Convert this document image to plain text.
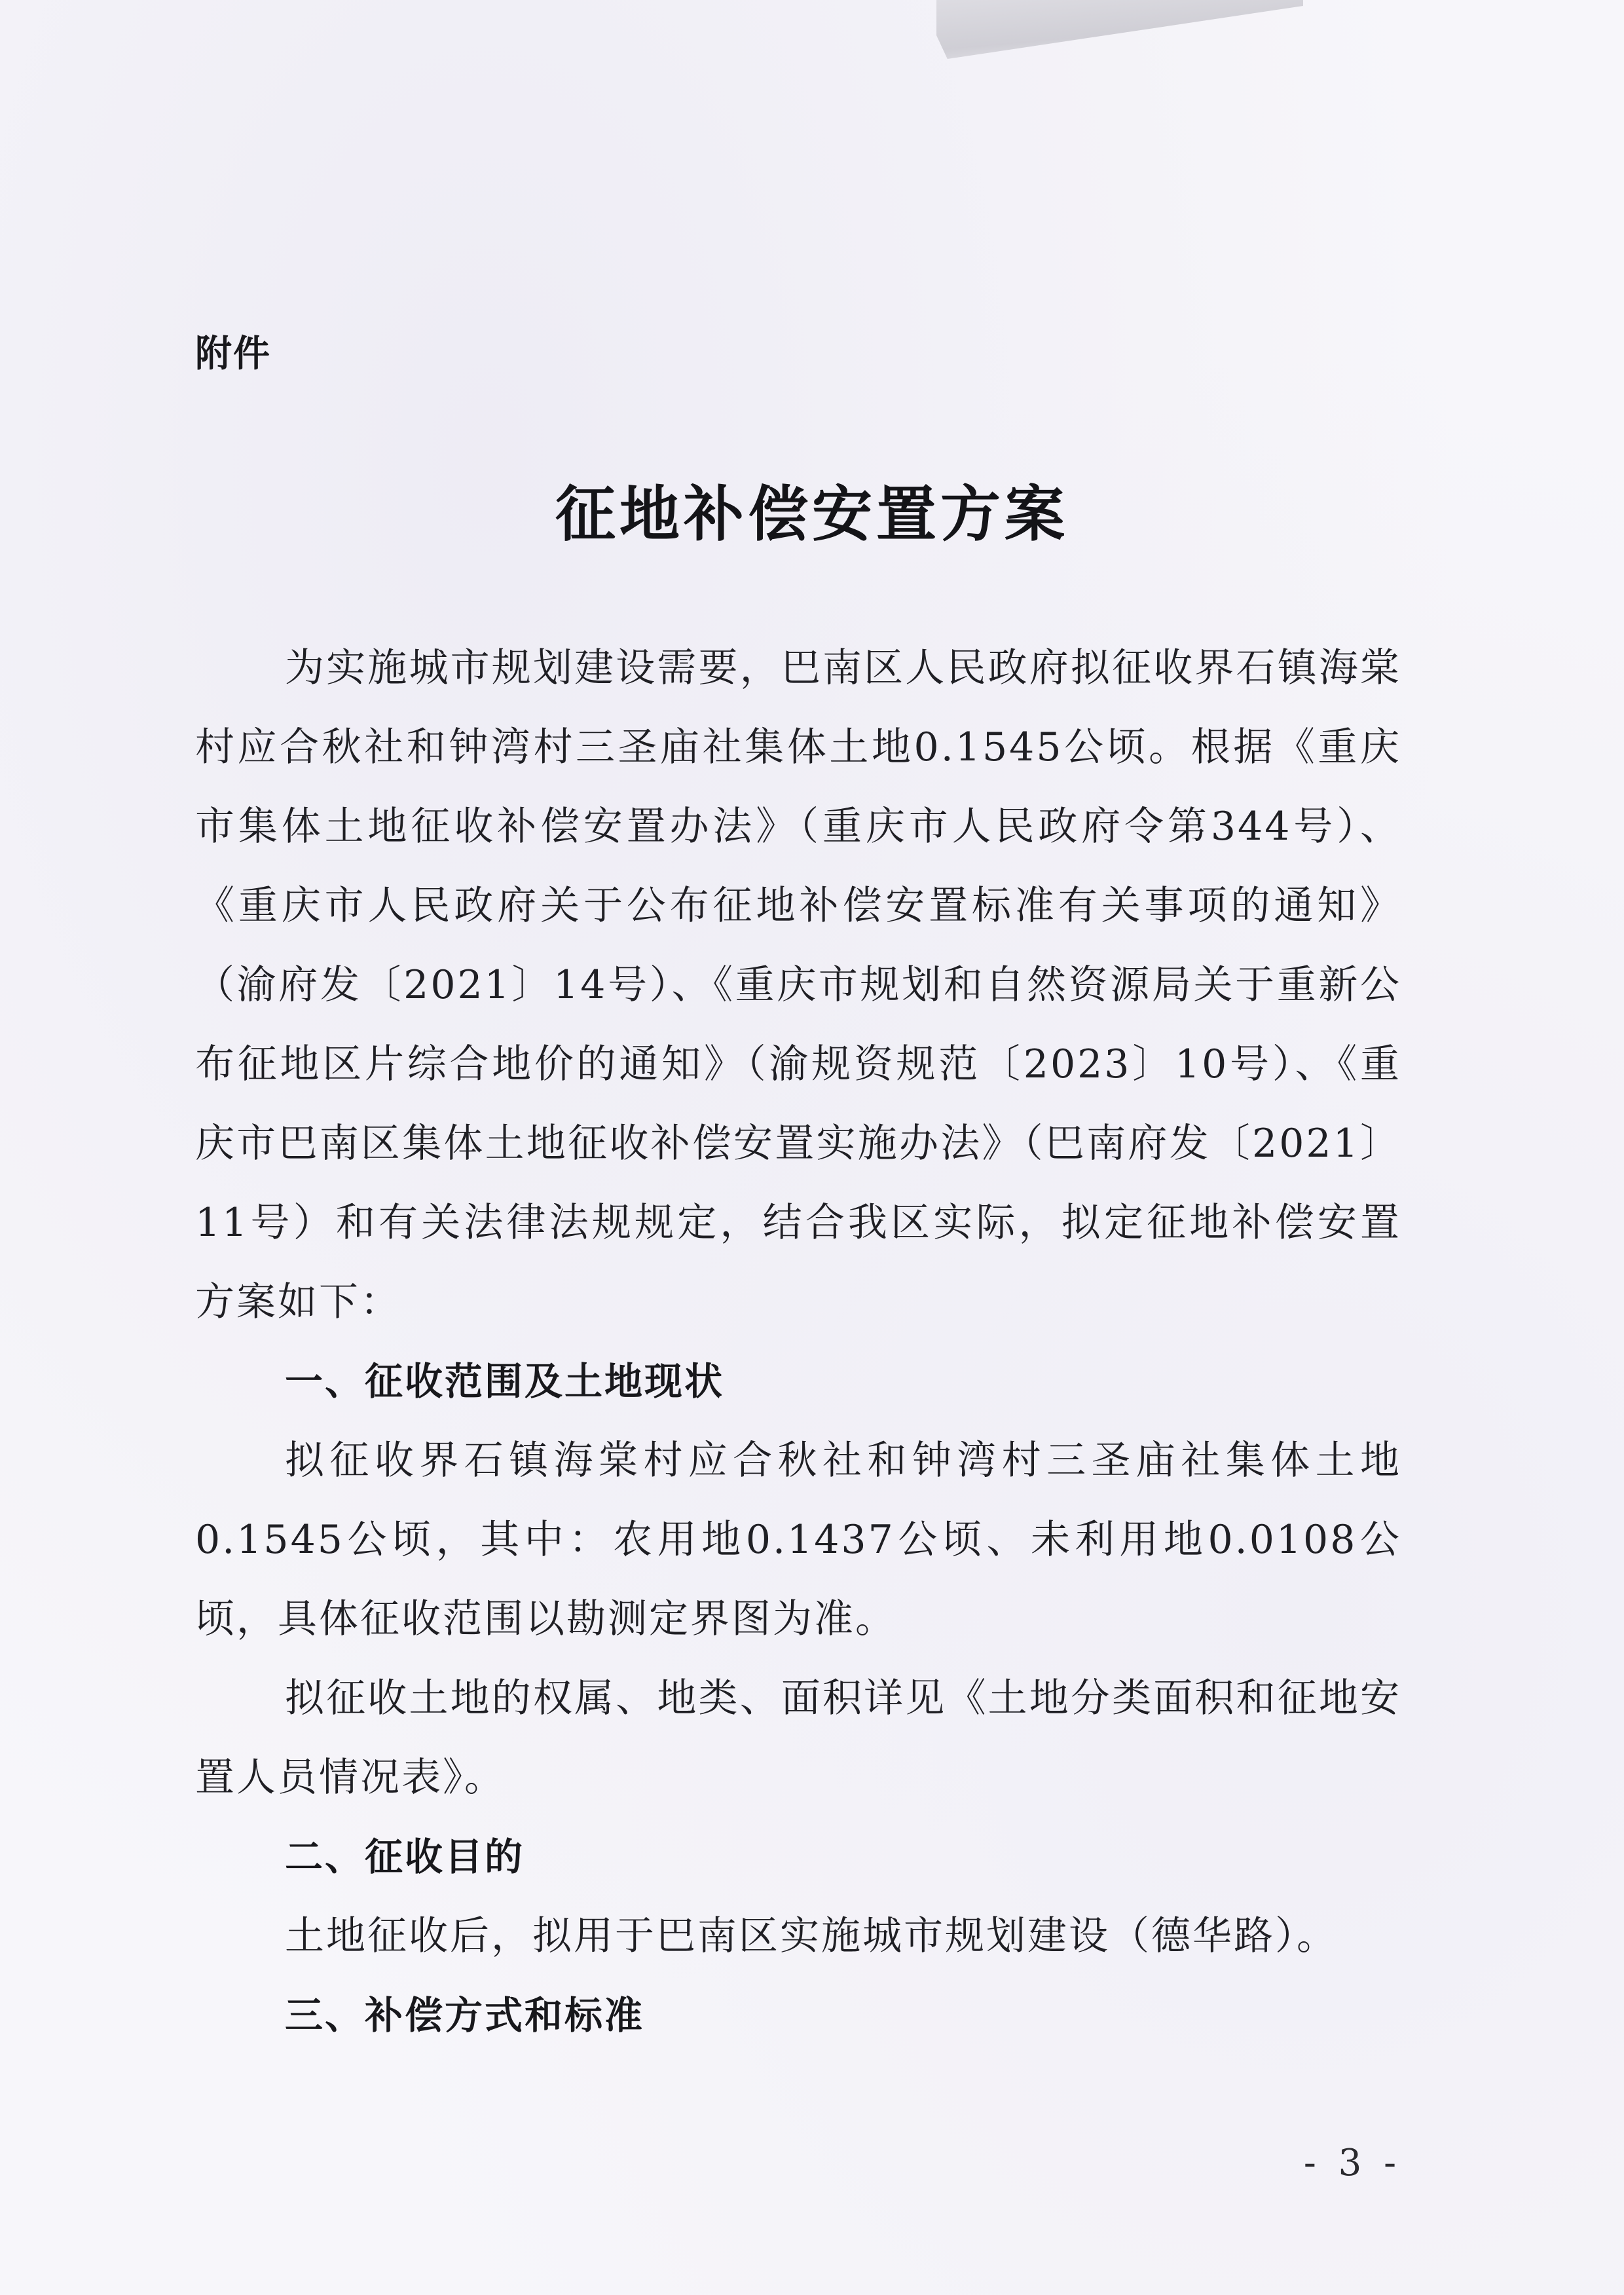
附件
征地补偿安置方案

为实施城市规划建设需要，巴南区人民政府拟征收界石镇海棠村应合秋社和钟湾村三圣庙社集体土地0.1545公顷。根据《重庆市集体土地征收补偿安置办法》（重庆市人民政府令第344号）、《重庆市人民政府关于公布征地补偿安置标准有关事项的通知》（渝府发〔2021〕14号）、《重庆市规划和自然资源局关于重新公布征地区片综合地价的通知》（渝规资规范〔2023〕10号）、《重庆市巴南区集体土地征收补偿安置实施办法》（巴南府发〔2021〕11号）和有关法律法规规定，结合我区实际，拟定征地补偿安置方案如下：

一、征收范围及土地现状

拟征收界石镇海棠村应合秋社和钟湾村三圣庙社集体土地0.1545公顷，其中：农用地0.1437公顷、未利用地0.0108公顷，具体征收范围以勘测定界图为准。

拟征收土地的权属、地类、面积详见《土地分类面积和征地安置人员情况表》。

二、征收目的

土地征收后，拟用于巴南区实施城市规划建设（德华路）。

三、补偿方式和标准
- 3 -
